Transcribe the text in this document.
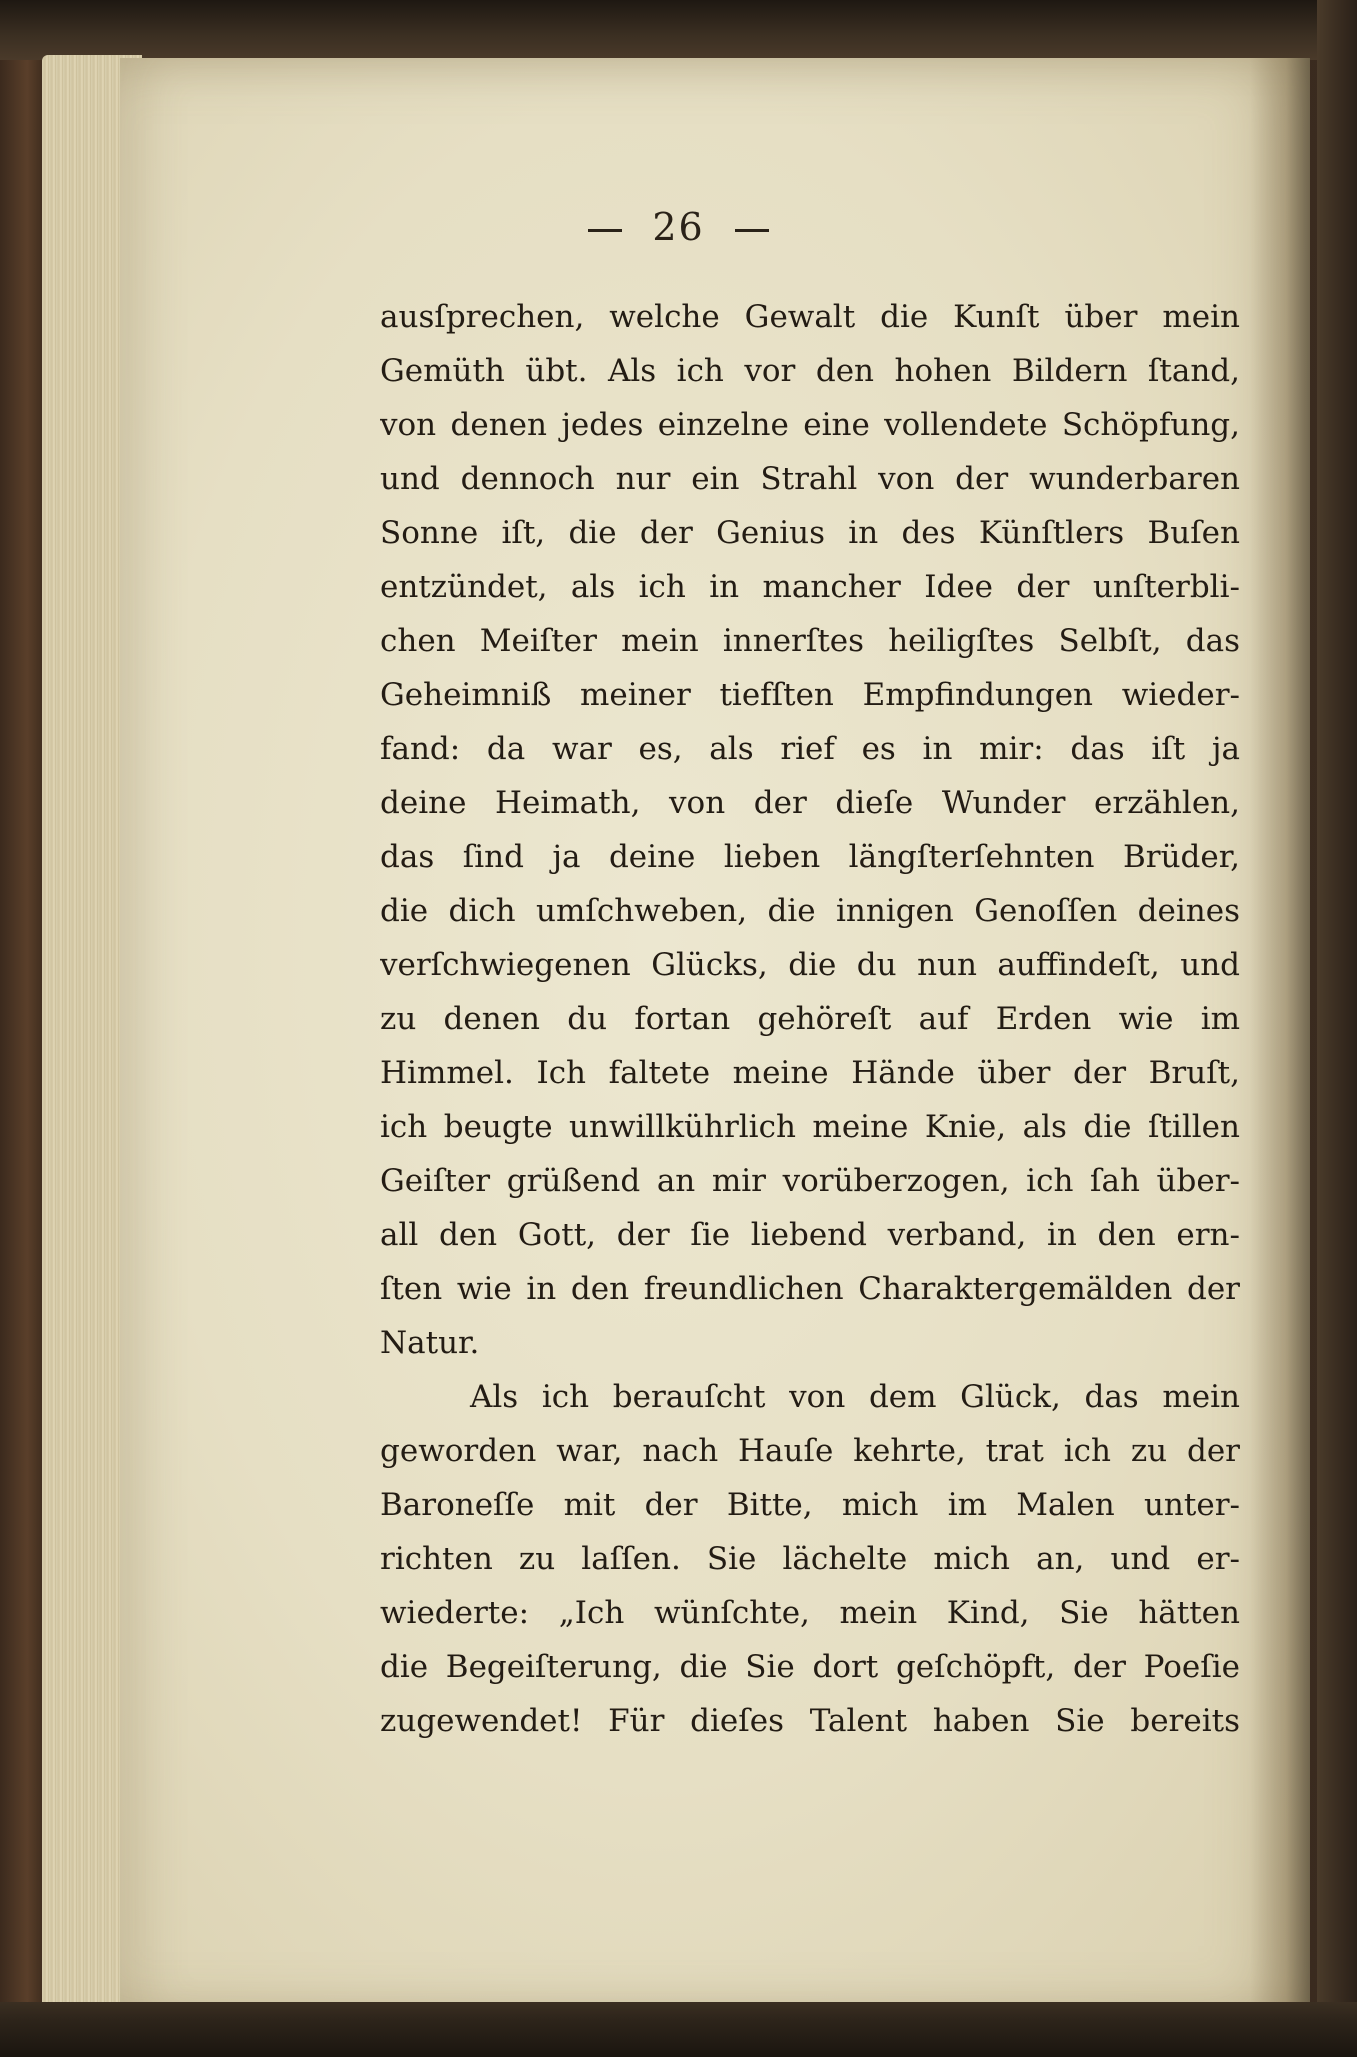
26
ausſprechen, welche Gewalt die Kunſt über mein
Gemüth übt. Als ich vor den hohen Bildern ſtand,
von denen jedes einzelne eine vollendete Schöpfung,
und dennoch nur ein Strahl von der wunderbaren
Sonne iſt, die der Genius in des Künſtlers Buſen
entzündet, als ich in mancher Idee der unſterbli-
chen Meiſter mein innerſtes heiligſtes Selbſt, das
Geheimniß meiner tiefſten Empfindungen wieder-
fand: da war es, als rief es in mir: das iſt ja
deine Heimath, von der dieſe Wunder erzählen,
das ſind ja deine lieben längſterſehnten Brüder,
die dich umſchweben, die innigen Genoſſen deines
verſchwiegenen Glücks, die du nun auffindeſt, und
zu denen du fortan gehöreſt auf Erden wie im
Himmel. Ich faltete meine Hände über der Bruſt,
ich beugte unwillkührlich meine Knie, als die ſtillen
Geiſter grüßend an mir vorüberzogen, ich ſah über-
all den Gott, der ſie liebend verband, in den ern-
ſten wie in den freundlichen Charaktergemälden der
Natur.
Als ich berauſcht von dem Glück, das mein
geworden war, nach Hauſe kehrte, trat ich zu der
Baroneſſe mit der Bitte, mich im Malen unter-
richten zu laſſen. Sie lächelte mich an, und er-
wiederte: „Ich wünſchte, mein Kind, Sie hätten
die Begeiſterung, die Sie dort geſchöpft, der Poeſie
zugewendet! Für dieſes Talent haben Sie bereits
